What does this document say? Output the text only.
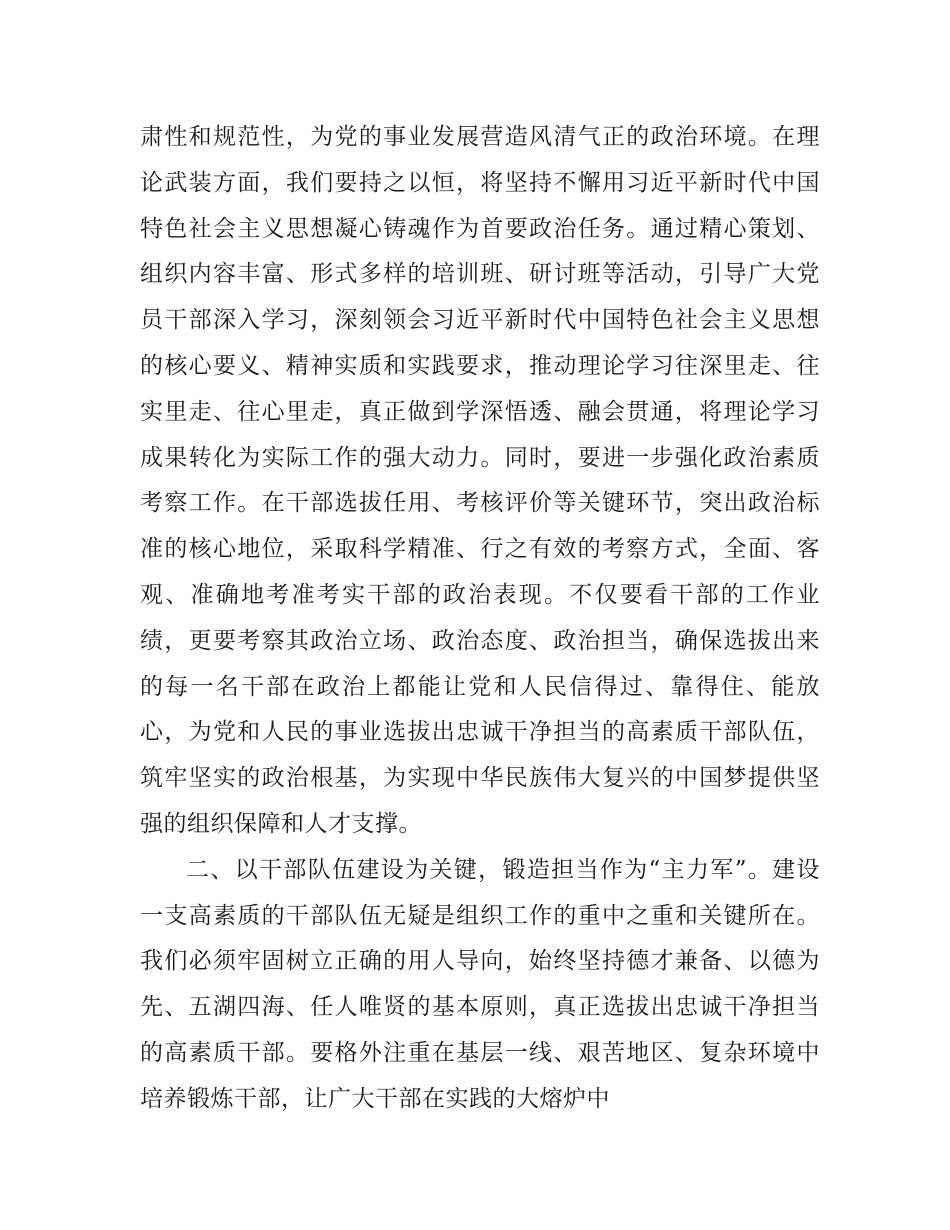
肃性和规范性，为党的事业发展营造风清气正的政治环境。在理论武装方面，我们要持之以恒，将坚持不懈用习近平新时代中国特色社会主义思想凝心铸魂作为首要政治任务。通过精心策划、组织内容丰富、形式多样的培训班、研讨班等活动，引导广大党员干部深入学习，深刻领会习近平新时代中国特色社会主义思想的核心要义、精神实质和实践要求，推动理论学习往深里走、往实里走、往心里走，真正做到学深悟透、融会贯通，将理论学习成果转化为实际工作的强大动力。同时，要进一步强化政治素质考察工作。在干部选拔任用、考核评价等关键环节，突出政治标准的核心地位，采取科学精准、行之有效的考察方式，全面、客观、准确地考准考实干部的政治表现。不仅要看干部的工作业绩，更要考察其政治立场、政治态度、政治担当，确保选拔出来的每一名干部在政治上都能让党和人民信得过、靠得住、能放心，为党和人民的事业选拔出忠诚干净担当的高素质干部队伍，筑牢坚实的政治根基，为实现中华民族伟大复兴的中国梦提供坚强的组织保障和人才支撑。

二、以干部队伍建设为关键，锻造担当作为“主力军”。建设一支高素质的干部队伍无疑是组织工作的重中之重和关键所在。我们必须牢固树立正确的用人导向，始终坚持德才兼备、以德为先、五湖四海、任人唯贤的基本原则，真正选拔出忠诚干净担当的高素质干部。要格外注重在基层一线、艰苦地区、复杂环境中培养锻炼干部，让广大干部在实践的大熔炉中
